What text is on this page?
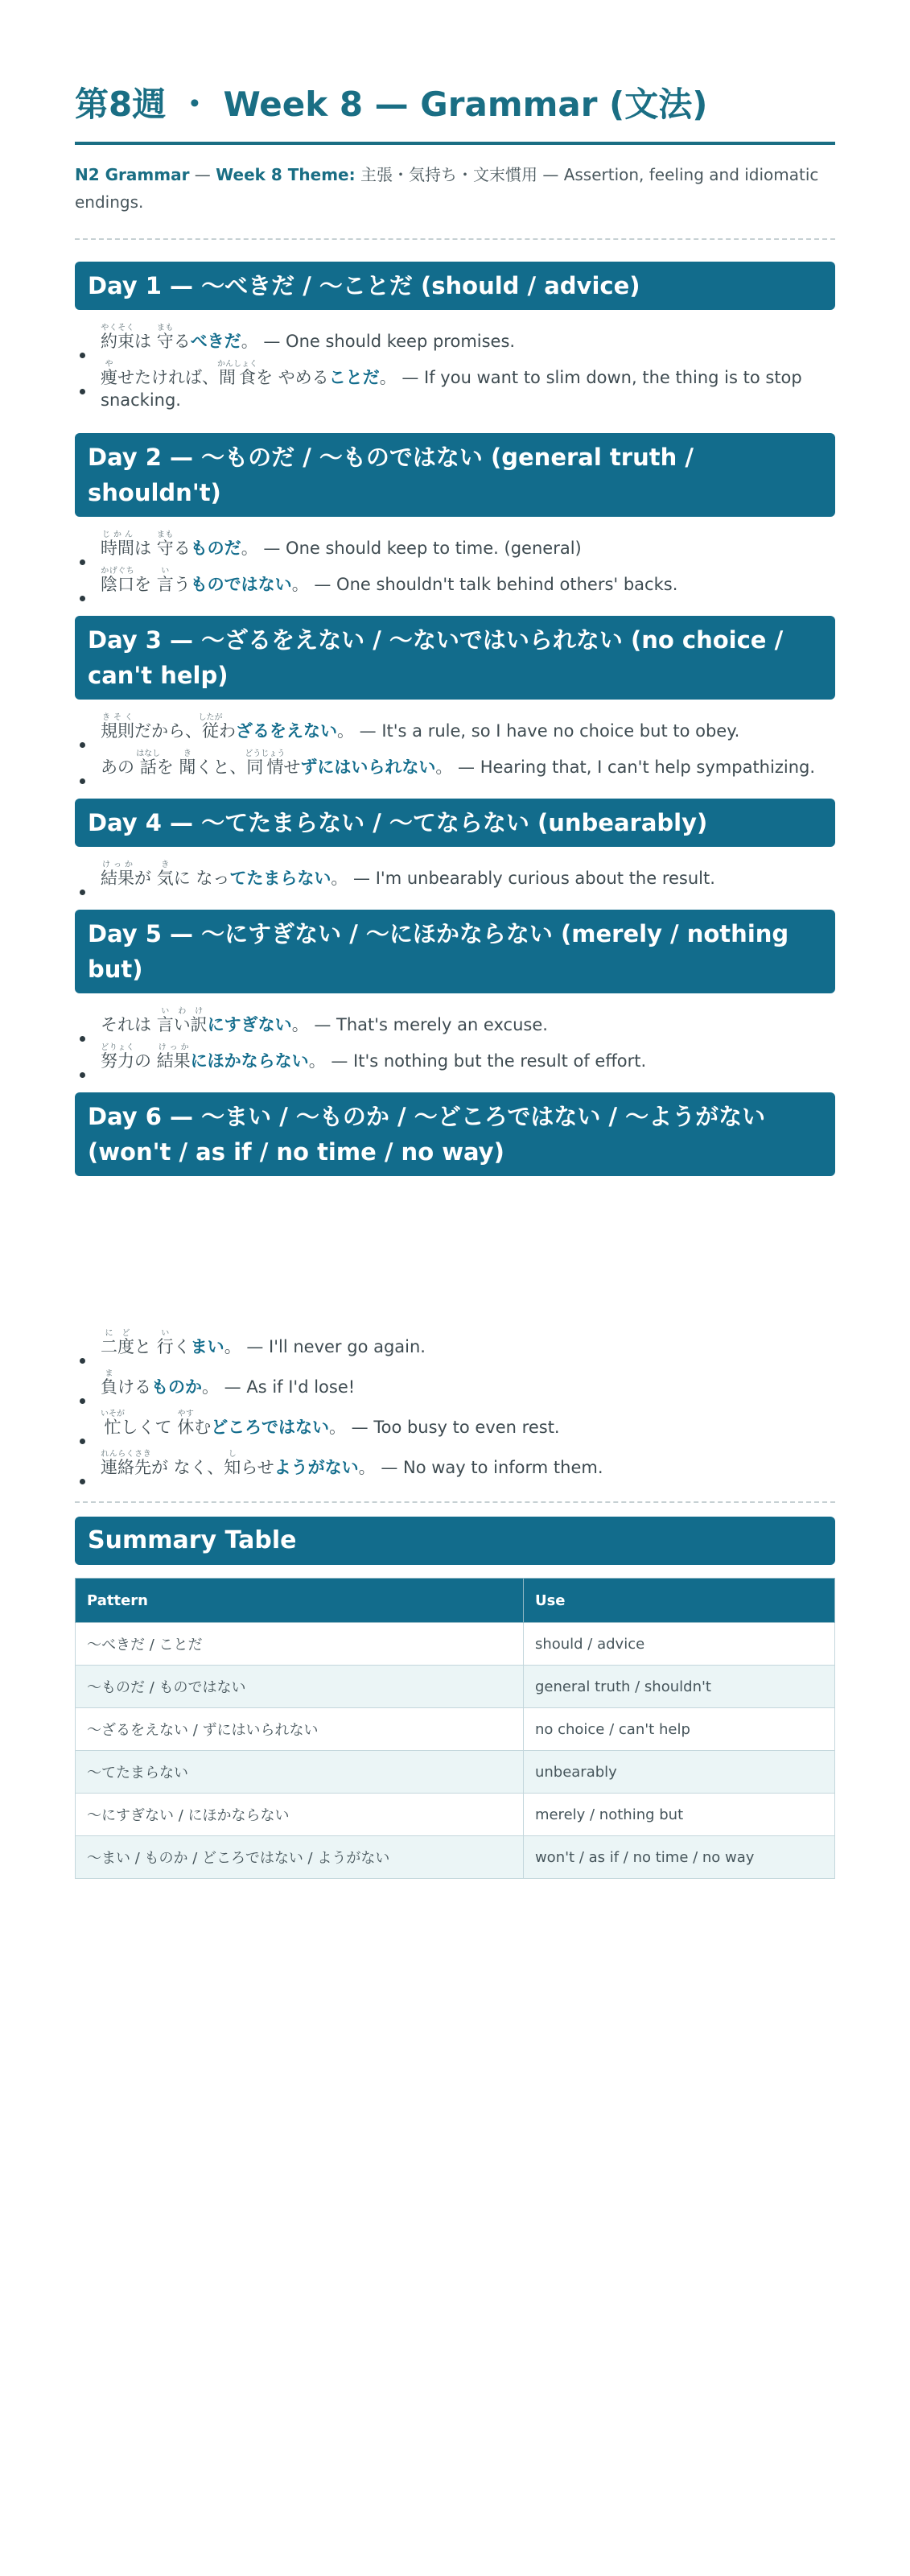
第8週 ・ Week 8 — Grammar (文法)
N2 Grammar — Week 8 Theme: 主張・気持ち・文末慣用 — Assertion, feeling and idiomatic endings.
Day 1 — 〜べきだ / 〜ことだ (should / advice)
約束やくそくは 守まもるべきだ。 — One should keep promises.
痩やせたければ、間食かんしょくを やめることだ。 — If you want to slim down, the thing is to stop snacking.
Day 2 — 〜ものだ / 〜ものではない (general truth / shouldn't)
時間じかんは 守まもるものだ。 — One should keep to time. (general)
陰口かげぐちを 言いうものではない。 — One shouldn't talk behind others' backs.
Day 3 — 〜ざるをえない / 〜ないではいられない (no choice / can't help)
規則きそくだから、従したがわざるをえない。 — It's a rule, so I have no choice but to obey.
あの 話はなしを 聞きくと、同情どうじょうせずにはいられない。 — Hearing that, I can't help sympathizing.
Day 4 — 〜てたまらない / 〜てならない (unbearably)
結果けっかが 気きに なってたまらない。 — I'm unbearably curious about the result.
Day 5 — 〜にすぎない / 〜にほかならない (merely / nothing but)
それは 言いい訳わけにすぎない。 — That's merely an excuse.
努力どりょくの 結果けっかにほかならない。 — It's nothing but the result of effort.
Day 6 — 〜まい / 〜ものか / 〜どころではない / 〜ようがない (won't / as if / no time / no way)
二度にどと 行いくまい。 — I'll never go again.
負まけるものか。 — As if I'd lose!
忙いそがしくて 休やすむどころではない。 — Too busy to even rest.
連絡先れんらくさきが なく、知しらせようがない。 — No way to inform them.
Summary Table
Pattern	Use
〜べきだ / ことだ	should / advice
〜ものだ / ものではない	general truth / shouldn't
〜ざるをえない / ずにはいられない	no choice / can't help
〜てたまらない	unbearably
〜にすぎない / にほかならない	merely / nothing but
〜まい / ものか / どころではない / ようがない	won't / as if / no time / no way
